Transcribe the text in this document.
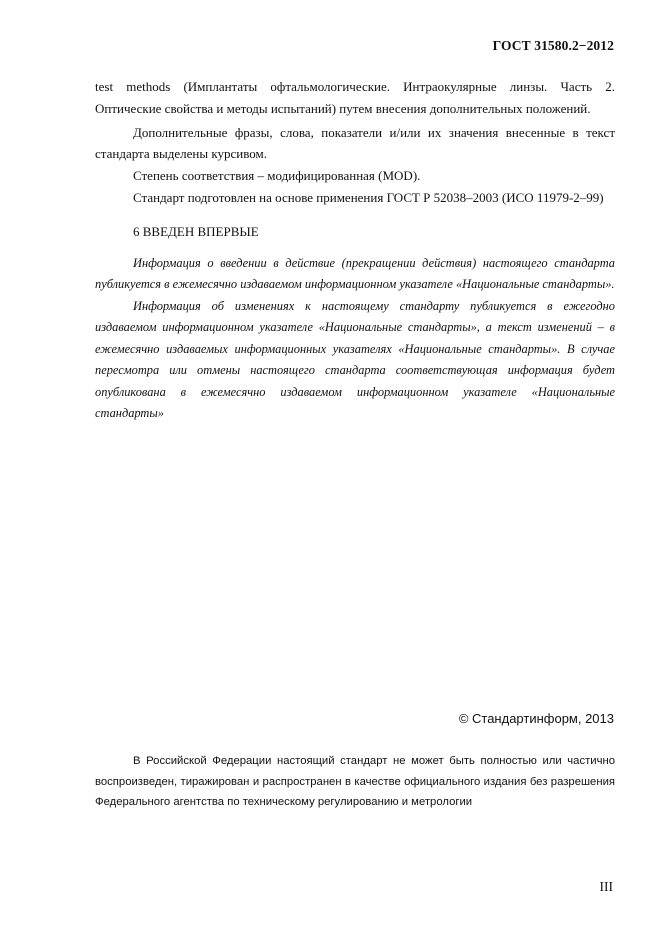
ГОСТ 31580.2−2012

test methods (Имплантаты офтальмологические. Интраокулярные линзы. Часть 2. Оптические свойства и методы испытаний) путем внесения дополнительных положений.

Дополнительные фразы, слова, показатели и/или их значения внесенные в текст стандарта выделены курсивом.

Степень соответствия – модифицированная (MOD).

Стандарт подготовлен на основе применения ГОСТ Р 52038–2003 (ИСО 11979-2–99)

6 ВВЕДЕН ВПЕРВЫЕ

Информация о введении в действие (прекращении действия) настоящего стандарта публикуется в ежемесячно издаваемом информационном указателе «Национальные стандарты».

Информация об изменениях к настоящему стандарту публикуется в ежегодно издаваемом информационном указателе «Национальные стандарты», а текст изменений – в ежемесячно издаваемых информационных указателях «Национальные стандарты». В случае пересмотра или отмены настоящего стандарта соответствующая информация будет опубликована в ежемесячно издаваемом информационном указателе «Национальные стандарты»

© Стандартинформ, 2013

В Российской Федерации настоящий стандарт не может быть полностью или частично воспроизведен, тиражирован и распространен в качестве официального издания без разрешения Федерального агентства по техническому регулированию и метрологии

III
